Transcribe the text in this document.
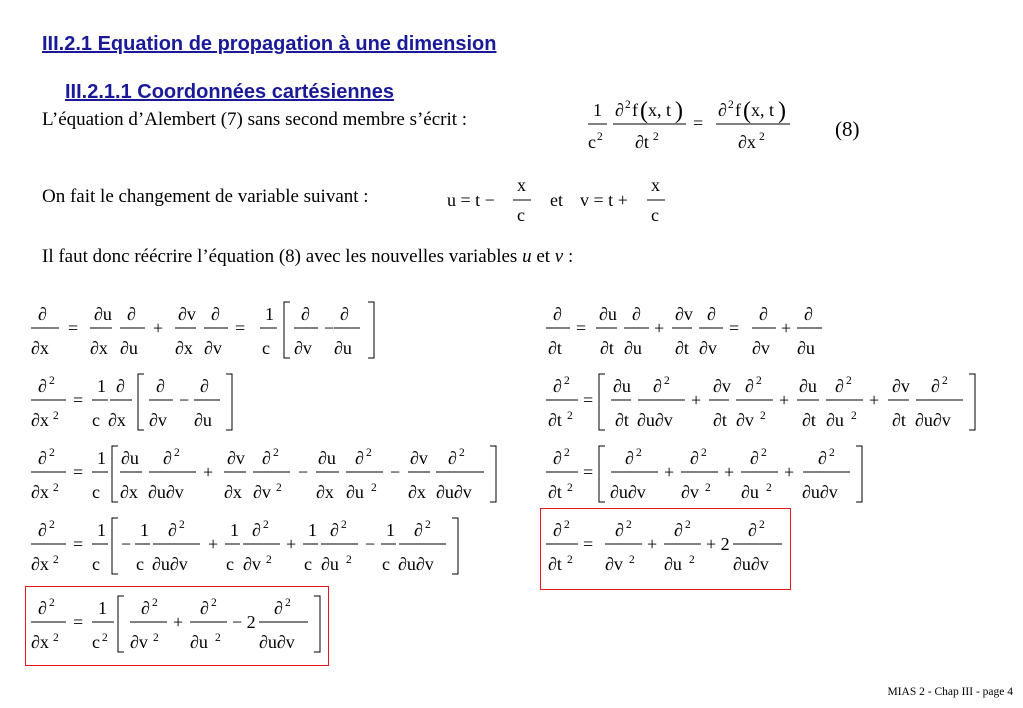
III.2.1 Equation de propagation à une dimension
III.2.1.1 Coordonnées cartésiennes
L’équation d’Alembert (7) sans second membre s’écrit :
On fait le changement de variable suivant :
Il faut donc réécrire l’équation (8) avec les nouvelles variables u et v :
1
c 2
∂ 2 f ( x, t )
∂t 2
=
∂ 2 f ( x, t )
∂x 2	(8)
u = t −
x
c
et v = t +
x
c
∂
∂x
=
∂u
∂x
∂
∂u
+
∂v
∂x
∂
∂v
=
1
c
∂
∂v
−
∂
∂u
∂ 2
∂x 2
=
1
c
∂
∂x
∂
∂v
−
∂
∂u
∂ 2
∂x 2
=
1
c
∂u
∂x
∂ 2
∂u∂v
+
∂v
∂x
∂ 2
∂v 2
−
∂u
∂x
∂ 2
∂u 2
−
∂v
∂x
∂ 2
∂u∂v
∂ 2
∂x 2
=
1
c
−
1
c
∂ 2
∂u∂v
+
1
c
∂ 2
∂v 2
+
1
c
∂ 2
∂u 2
−
1
c
∂ 2
∂u∂v
∂ 2
∂x 2
=
1
c 2
∂ 2
∂v 2
+
∂ 2
∂u 2
− 2
∂ 2
∂u∂v
∂
∂t
=
∂u
∂t
∂
∂u
+
∂v
∂t
∂
∂v
=
∂
∂v
+
∂
∂u
∂ 2
∂t 2
=
∂u
∂t
∂ 2
∂u∂v
+
∂v
∂t
∂ 2
∂v 2
+
∂u
∂t
∂ 2
∂u 2
+
∂v
∂t
∂ 2
∂u∂v
∂ 2
∂t 2
=
∂ 2
∂u∂v
+
∂ 2
∂v 2
+
∂ 2
∂u 2
+
∂ 2
∂u∂v
∂ 2
∂t 2
=
∂ 2
∂v 2
+
∂ 2
∂u 2
+ 2
∂ 2
∂u∂v
MIAS 2 - Chap III - page 4
